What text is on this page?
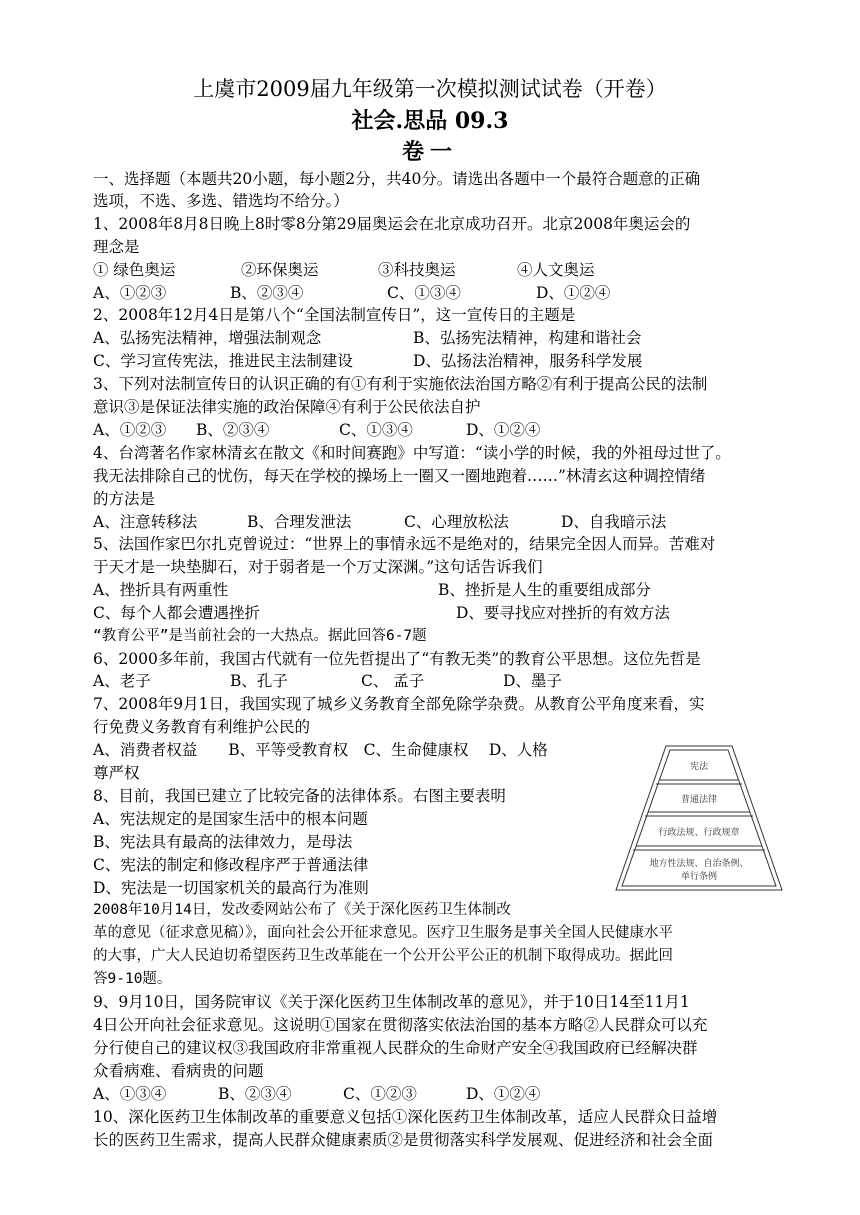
上虞市2009届九年级第一次模拟测试试卷（开卷）
社会.思品 09.3
卷一
一、选择题（本题共20小题，每小题2分，共40分。请选出各题中一个最符合题意的正确
选项，不选、多选、错选均不给分。）
1、2008年8月8日晚上8时零8分第29届奥运会在北京成功召开。北京2008年奥运会的
理念是
① 绿色奥运	②环保奥运	③科技奥运	④人文奥运
A、①②③	B、②③④	C、①③④	D、①②④
2、2008年12月4日是第八个“全国法制宣传日”，这一宣传日的主题是
A、弘扬宪法精神，增强法制观念	B、弘扬宪法精神，构建和谐社会
C、学习宣传宪法，推进民主法制建设	D、弘扬法治精神，服务科学发展
3、下列对法制宣传日的认识正确的有①有利于实施依法治国方略②有利于提高公民的法制
意识③是保证法律实施的政治保障④有利于公民依法自护
A、①②③ B、②③④	C、①③④	D、①②④
4、台湾著名作家林清玄在散文《和时间赛跑》中写道：“读小学的时候，我的外祖母过世了。
我无法排除自己的忧伤，每天在学校的操场上一圈又一圈地跑着……”林清玄这种调控情绪
的方法是
A、注意转移法	B、合理发泄法	C、心理放松法	D、自我暗示法
5、法国作家巴尔扎克曾说过：“世界上的事情永远不是绝对的，结果完全因人而异。苦难对
于天才是一块垫脚石，对于弱者是一个万丈深渊。”这句话告诉我们
A、挫折具有两重性	B、挫折是人生的重要组成部分
C、每个人都会遭遇挫折	D、要寻找应对挫折的有效方法
“教育公平”是当前社会的一大热点。据此回答6-7题
6、2000多年前，我国古代就有一位先哲提出了“有教无类”的教育公平思想。这位先哲是
A、老子	B、孔子	C、 孟子	D、墨子
7、2008年9月1日，我国实现了城乡义务教育全部免除学杂费。从教育公平角度来看，实
行免费义务教育有利维护公民的
A、消费者权益　　B、平等受教育权　C、生命健康权　 D、人格
尊严权
8、目前，我国已建立了比较完备的法律体系。右图主要表明
A、宪法规定的是国家生活中的根本问题
B、宪法具有最高的法律效力，是母法
C、宪法的制定和修改程序严于普通法律
D、宪法是一切国家机关的最高行为准则
宪法
普通法律
行政法规、行政规章
地方性法规、自治条例、
单行条例
2008年10月14日，发改委网站公布了《关于深化医药卫生体制改
革的意见（征求意见稿）》，面向社会公开征求意见。医疗卫生服务是事关全国人民健康水平
的大事，广大人民迫切希望医药卫生改革能在一个公开公平公正的机制下取得成功。据此回
答9-10题。
9、9月10日，国务院审议《关于深化医药卫生体制改革的意见》，并于10日14至11月1
4日公开向社会征求意见。这说明①国家在贯彻落实依法治国的基本方略②人民群众可以充
分行使自己的建议权③我国政府非常重视人民群众的生命财产安全④我国政府已经解决群
众看病难、看病贵的问题
A、①③④	B、②③④	C、①②③	D、①②④
10、深化医药卫生体制改革的重要意义包括①深化医药卫生体制改革，适应人民群众日益增
长的医药卫生需求，提高人民群众健康素质②是贯彻落实科学发展观、促进经济和社会全面
